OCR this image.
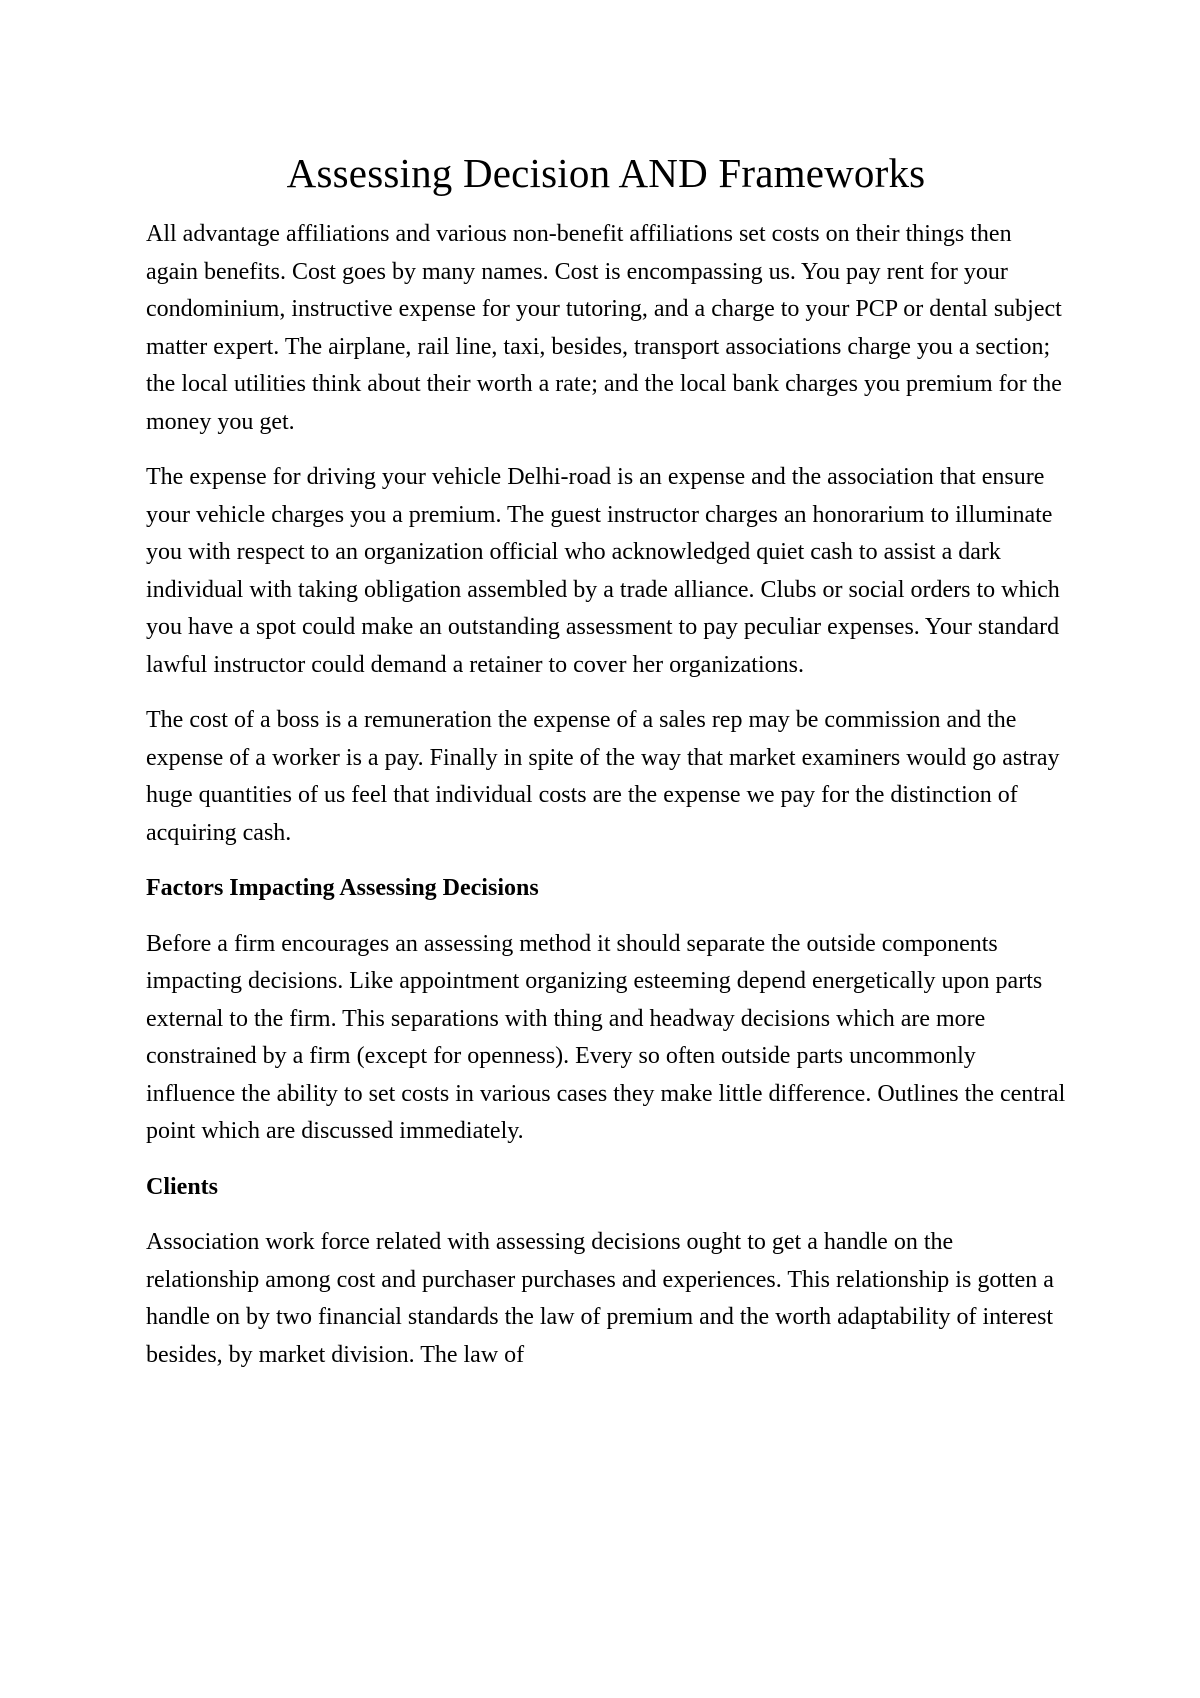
Assessing Decision AND Frameworks

All advantage affiliations and various non-benefit affiliations set costs on their things then again benefits. Cost goes by many names. Cost is encompassing us. You pay rent for your condominium, instructive expense for your tutoring, and a charge to your PCP or dental subject matter expert. The airplane, rail line, taxi, besides, transport associations charge you a section; the local utilities think about their worth a rate; and the local bank charges you premium for the money you get.

The expense for driving your vehicle Delhi-road is an expense and the association that ensure your vehicle charges you a premium. The guest instructor charges an honorarium to illuminate you with respect to an organization official who acknowledged quiet cash to assist a dark individual with taking obligation assembled by a trade alliance. Clubs or social orders to which you have a spot could make an outstanding assessment to pay peculiar expenses. Your standard lawful instructor could demand a retainer to cover her organizations.

The cost of a boss is a remuneration the expense of a sales rep may be commission and the expense of a worker is a pay. Finally in spite of the way that market examiners would go astray huge quantities of us feel that individual costs are the expense we pay for the distinction of acquiring cash.

Factors Impacting Assessing Decisions

Before a firm encourages an assessing method it should separate the outside components impacting decisions. Like appointment organizing esteeming depend energetically upon parts external to the firm. This separations with thing and headway decisions which are more constrained by a firm (except for openness). Every so often outside parts uncommonly influence the ability to set costs in various cases they make little difference. Outlines the central point which are discussed immediately.

Clients

Association work force related with assessing decisions ought to get a handle on the relationship among cost and purchaser purchases and experiences. This relationship is gotten a handle on by two financial standards the law of premium and the worth adaptability of interest besides, by market division. The law of
